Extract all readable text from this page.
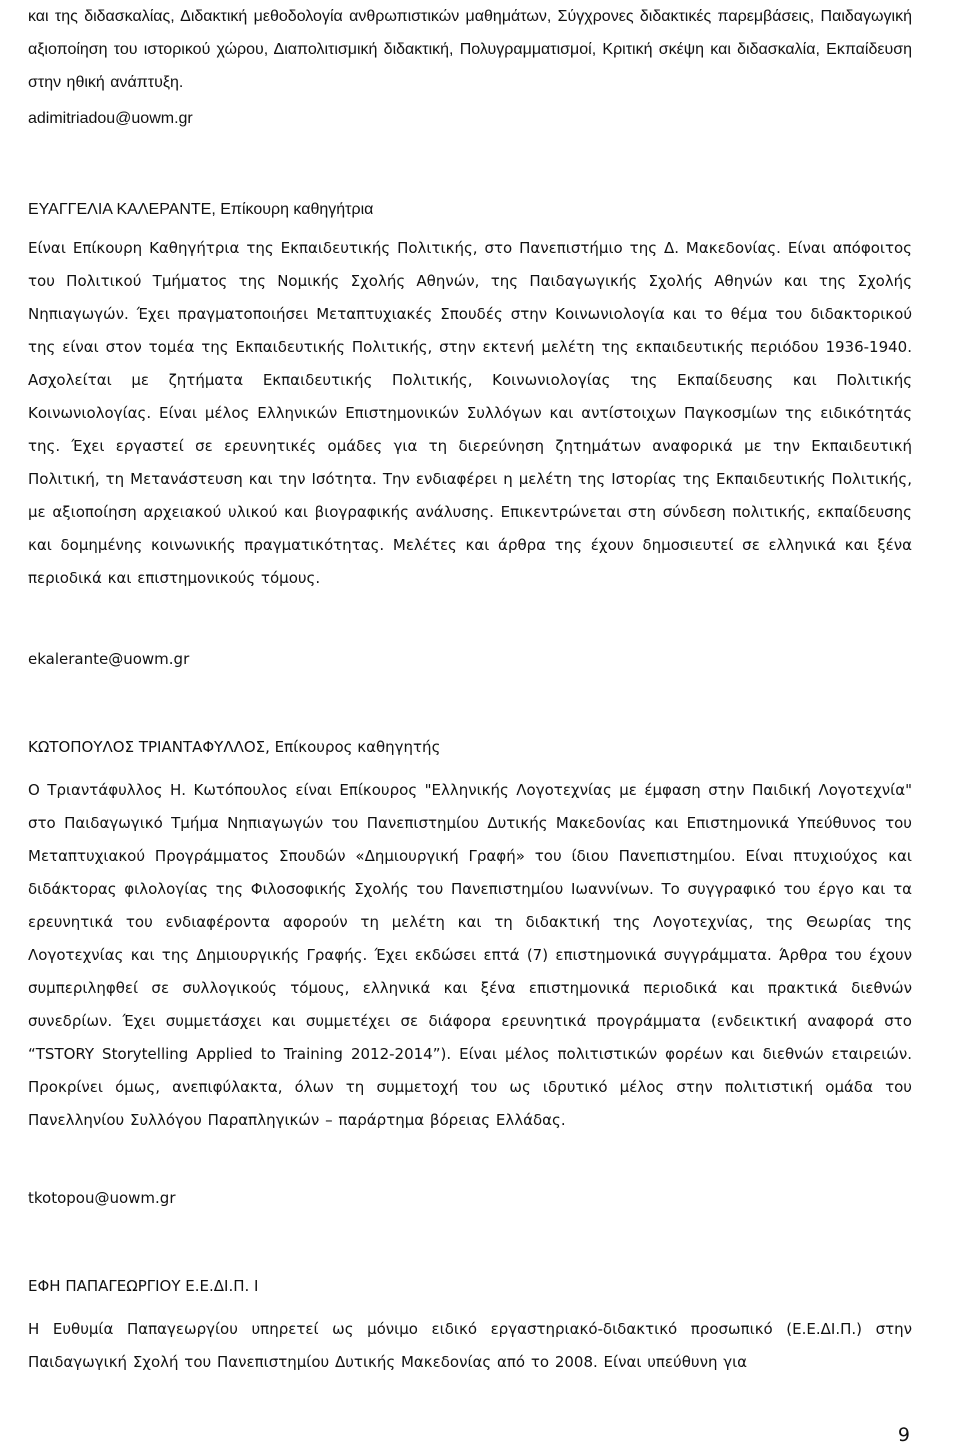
και της διδασκαλίας, Διδακτική μεθοδολογία ανθρωπιστικών μαθημάτων, Σύγχρονες διδακτικές παρεμβάσεις, Παιδαγωγική αξιοποίηση του ιστορικού χώρου, Διαπολιτισμική διδακτική, Πολυγραμματισμοί, Κριτική σκέψη και διδασκαλία, Εκπαίδευση στην ηθική ανάπτυξη.

adimitriadou@uowm.gr
ΕΥΑΓΓΕΛΙΑ ΚΑΛΕΡΑΝΤΕ, Επίκουρη καθηγήτρια

Είναι Επίκουρη Καθηγήτρια της Εκπαιδευτικής Πολιτικής, στο Πανεπιστήμιο της Δ. Μακεδονίας. Είναι απόφοιτος του Πολιτικού Τμήματος της Νομικής Σχολής Αθηνών, της Παιδαγωγικής Σχολής Αθηνών και της Σχολής Νηπιαγωγών. Έχει πραγματοποιήσει Μεταπτυχιακές Σπουδές στην Κοινωνιολογία και το θέμα του διδακτορικού της είναι στον τομέα της Εκπαιδευτικής Πολιτικής, στην εκτενή μελέτη της εκπαιδευτικής περιόδου 1936-1940. Ασχολείται με ζητήματα Εκπαιδευτικής Πολιτικής, Κοινωνιολογίας της Εκπαίδευσης και Πολιτικής Κοινωνιολογίας. Είναι μέλος Ελληνικών Επιστημονικών Συλλόγων και αντίστοιχων Παγκοσμίων της ειδικότητάς της. Έχει εργαστεί σε ερευνητικές ομάδες για τη διερεύνηση ζητημάτων αναφορικά με την Εκπαιδευτική Πολιτική, τη Μετανάστευση και την Ισότητα. Την ενδιαφέρει η μελέτη της Ιστορίας της Εκπαιδευτικής Πολιτικής, με αξιοποίηση αρχειακού υλικού και βιογραφικής ανάλυσης. Επικεντρώνεται στη σύνδεση πολιτικής, εκπαίδευσης και δομημένης κοινωνικής πραγματικότητας. Μελέτες και άρθρα της έχουν δημοσιευτεί σε ελληνικά και ξένα περιοδικά και επιστημονικούς τόμους.

ekalerante@uowm.gr
ΚΩΤΟΠΟΥΛΟΣ ΤΡΙΑΝΤΑΦΥΛΛΟΣ, Επίκουρος καθηγητής

Ο Τριαντάφυλλος Η. Κωτόπουλος είναι Επίκουρος "Ελληνικής Λογοτεχνίας με έμφαση στην Παιδική Λογοτεχνία" στο Παιδαγωγικό Τμήμα Νηπιαγωγών του Πανεπιστημίου Δυτικής Μακεδονίας και Επιστημονικά Υπεύθυνος του Μεταπτυχιακού Προγράμματος Σπουδών «Δημιουργική Γραφή» του ίδιου Πανεπιστημίου. Είναι πτυχιούχος και διδάκτορας φιλολογίας της Φιλοσοφικής Σχολής του Πανεπιστημίου Ιωαννίνων. Το συγγραφικό του έργο και τα ερευνητικά του ενδιαφέροντα αφορούν τη μελέτη και τη διδακτική της Λογοτεχνίας, της Θεωρίας της Λογοτεχνίας και της Δημιουργικής Γραφής. Έχει εκδώσει επτά (7) επιστημονικά συγγράμματα. Άρθρα του έχουν συμπεριληφθεί σε συλλογικούς τόμους, ελληνικά και ξένα επιστημονικά περιοδικά και πρακτικά διεθνών συνεδρίων. Έχει συμμετάσχει και συμμετέχει σε διάφορα ερευνητικά προγράμματα (ενδεικτική αναφορά στο “TSTORY Storytelling Applied to Training 2012-2014”). Είναι μέλος πολιτιστικών φορέων και διεθνών εταιρειών. Προκρίνει όμως, ανεπιφύλακτα, όλων τη συμμετοχή του ως ιδρυτικό μέλος στην πολιτιστική ομάδα του Πανελληνίου Συλλόγου Παραπληγικών – παράρτημα βόρειας Ελλάδας.

tkotopou@uowm.gr
ΕΦΗ ΠΑΠΑΓΕΩΡΓΙΟΥ Ε.Ε.ΔΙ.Π. Ι

Η Ευθυμία Παπαγεωργίου υπηρετεί ως μόνιμο ειδικό εργαστηριακό-διδακτικό προσωπικό (Ε.Ε.ΔΙ.Π.) στην Παιδαγωγική Σχολή του Πανεπιστημίου Δυτικής Μακεδονίας από το 2008. Είναι υπεύθυνη για

9
